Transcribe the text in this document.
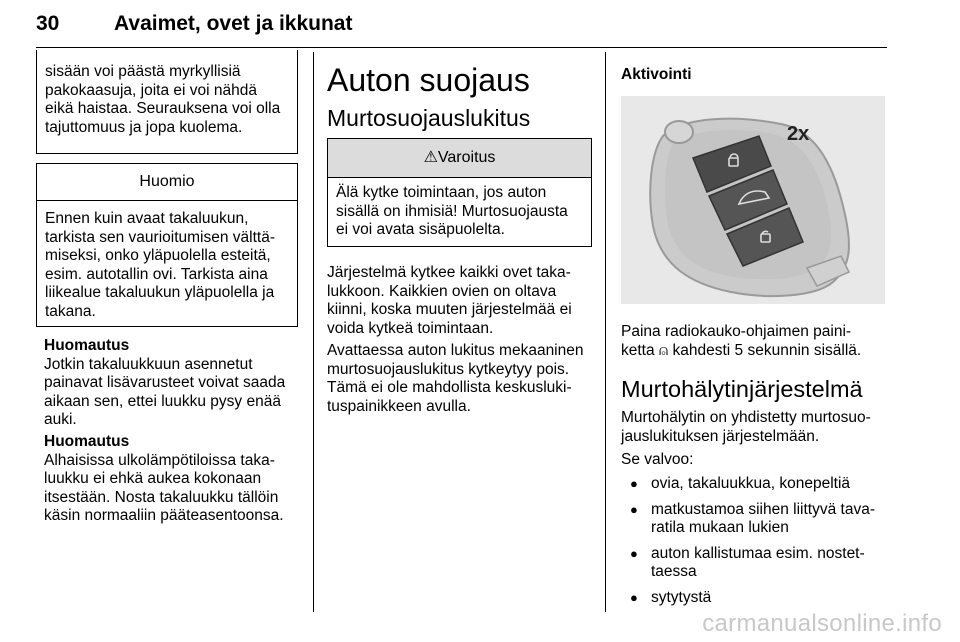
30	Avaimet, ovet ja ikkunat
sisään voi päästä myrkyllisiä
pakokaasuja, joita ei voi nähdä
eikä haistaa. Seurauksena voi olla
tajuttomuus ja jopa kuolema.
Huomio
Ennen kuin avaat takaluukun,
tarkista sen vaurioitumisen välttä-
miseksi, onko yläpuolella esteitä,
esim. autotallin ovi. Tarkista aina
liikealue takaluukun yläpuolella ja
takana.
Huomautus
Jotkin takaluukkuun asennetut
painavat lisävarusteet voivat saada
aikaan sen, ettei luukku pysy enää
auki.
Huomautus
Alhaisissa ulkolämpötiloissa taka-
luukku ei ehkä aukea kokonaan
itsestään. Nosta takaluukku tällöin
käsin normaaliin pääteasentoonsa.
Auton suojaus
Murtosuojauslukitus
⚠Varoitus
Älä kytke toimintaan, jos auton
sisällä on ihmisiä! Murtosuojausta
ei voi avata sisäpuolelta.
Järjestelmä kytkee kaikki ovet taka-
lukkoon. Kaikkien ovien on oltava
kiinni, koska muuten järjestelmää ei
voida kytkeä toimintaan.
Avattaessa auton lukitus mekaaninen
murtosuojauslukitus kytkeytyy pois.
Tämä ei ole mahdollista keskusluki-
tuspainikkeen avulla.
Aktivointi
2x
Paina radiokauko-ohjaimen paini-
ketta ⍝ kahdesti 5 sekunnin sisällä.
Murtohälytinjärjestelmä
Murtohälytin on yhdistetty murtosuo-
jauslukituksen järjestelmään.
Se valvoo:
● ovia, takaluukkua, konepeltiä
● matkustamoa siihen liittyvä tava-
ratila mukaan lukien
● auton kallistumaa esim. nostet-
taessa
● sytytystä
carmanualsonline.info
